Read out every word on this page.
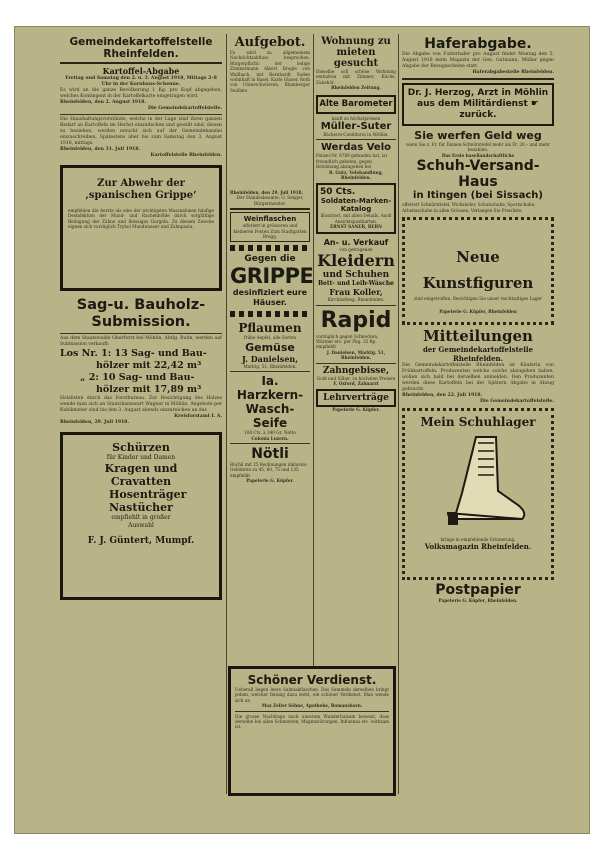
Gemeindekartoffelstelle Rheinfelden.
Kartoffel-Abgabe
Freitag und Samstag den 2. u. 3. August 1918, Mittags 2–8 Uhr in der Kornhaus-Scheune.
Es wird an die ganze Bevölkerung 1 Kg. pro Kopf abgegeben, welches Kontingent in der Kartoffelkarte eingetragen wird.
Rheinfelden, den 2. August 1918.
Die Gemeindekartoffelstelle.
Die Haushaltungsvorstände, welche in der Lage sind ihren ganzen Bedarf an Kartoffeln im Herbst einzudecken und gewillt sind, diesen zu beziehen, werden ersucht sich auf der Gemeindekanzlei einzuschreiben. Spätestens aber bis zum Samstag den 3. August 1918, mittags.
Rheinfelden, den 31. Juli 1918.
Kartoffelstelle Rheinfelden.
Zur Abwehr der ‚spanischen Grippe‘
empfehlen die Aerzte als eine der wichtigsten Massnahmen häufige Desinfektion der Mund- und Rachenhöhle durch sorgfältige Reinigung der Zähne und fleissiges Gurgeln. Zu diesem Zwecke eignen sich vorzüglich Trybol Mundwasser und Zahnpasta.
Sag-u. Bauholz-Submission.
Aus dem Staatswalde Oberforst bei Möhlin, Abtlg. Bulm, werden auf Submission verkauft:
Los Nr. 1: 13 Sag- und Bau-
hölzer mit 22,42 m³
„ 2: 10 Sag- und Bau-
hölzer mit 17,89 m³
Holzlisten durch das Forstbureau. Zur Besichtigung des Holzes wende man sich an Staatsbannwart Wagner in Möhlin. Angebote per Kubikmeter sind bis den 3. August abends einzureichen an das
Kreisforstamt I. A.
Rheinfelden, 29. Juli 1918.
Schürzen
für Kinder und Damen
Kragen und
Cravatten
Hosenträger
Nastücher
empfiehlt in großer
Auswahl
F. J. Güntert, Mumpf.
Aufgebot.
Es wird zu allgemeinem Nachrichtsabfluss besprochen. Bürgerpflicht: der ledige Zimmermann Albert Brogle von Wallbach, mit Bernhardt Soden wohnhaft in Basel. Karle Glaser, Roth von Unterschwärzen, Blumberger Seidlers.
Rheinfelden, den 29. Juli 1918.
Der Standesbeamte: G. Senger, Bürgermeister.
Weinflaschen
offeriert in grösseren und kleineren Posten Zum Stadtgarten Brugg.
Gegen die
GRIPPE
desinfiziert eure Häuser.
Pflaumen
frühe Aepfel, alle Sorten
Gemüse
J. Danielsen,
Marktg. 51, Rheinfelden.
Ia. Harzkern-Wasch-Seife
100 Cts. à 340 Gr. Netto
Colonia Luzern.
Nötli
Büchli mit 25 Rechnungen inklusive Gebühren zu 45, 60, 75 und 135 empfiehlt
Papeterie G. Küpfer.
Wohnung zu mieten gesucht
Dieselbe soll schöne Wohnung enthalten mit Zimmer, Küche, Zubehör.
Rheinfelden Zeitung.
Alte Barometer
kauft zu höchstpreisen
Müller-Suter
Bäckerei-Conditorei in Möhlin.
Werdas Velo
Polizei-Nr. 8789 gefunden hat, ist freundlich gebeten, gegen Belohnung abzugeben bei
R. Gutz, Velohandlung, Rheinfelden.
50 Cts.
Soldaten-Marken-Katalog
illustriert, mit allen Details. Auch Ansichtspostkarten.
ERNST SANER, BERN
An- u. Verkauf
von getragenen
Kleidern
und Schuhen
Bett- und Leib-Wäsche
Frau Koller,
Kirchhofweg, Rheinfelden.
Rapid
vorzüglich gegen Schnecken, Würmer etc. per Pkg. 35 Rp. empfiehlt
J. Danielsen, Marktg. 51, Rheinfelden.
Zahngebisse,
Gold und Silber, zu höchsten Preisen
F. Oxford, Zahnarzt
Lehrverträge
Papeterie G. Küpfer.
Haferabgabe.
Die Abgabe von Futterhafer pro August findet Montag den 5. August 1918 beim Magazin der Gen. Gutmann, Müller gegen Abgabe der Bezugsscheine statt.
Haferabgabestelle Rheinfelden.
Dr. J. Herzog, Arzt in Möhlin
aus dem Militärdienst ☛ zurück.
Sie werfen Geld weg
wenn Sie z. Fr. für Damen-Schnürstiefel mehr als Fr. 28.– und mehr bezahlen.
Das Erste basellandschaftliche
Schuh-Versand-Haus
in Itingen (bei Sissach)
offeriert Schnürstiefel, Wichsleder, Schulschuhe, Sportschuhe, Arbeitsschuhe in allen Grössen. Verlangen Sie Preisliste.
Neue Kunstfiguren
sind eingetroffen. Besichtigen Sie unser reichhaltiges Lager
Papeterie G. Küpfer, Rheinfelden
Mitteilungen
der Gemeindekartoffelstelle Rheinfelden.
Die Gemeindekartoffelstelle Rheinfelden ist Käuferin von Frühkartoffeln. Produzenten welche solche abzugeben haben, wollen sich bald bei derselben anmelden. Den Produzenten werden diese Kartoffeln bei der Spätern Abgabe in Abzug gebracht.
Rheinfelden, den 22. Juli 1918.
Die Gemeindekartoffelstelle.
Mein Schuhlager
bringe in empfehlende Erinnerung.
Volksmagazin Rheinfelden.
Postpapier
Papeterie G. Küpfer, Rheinfelden.
Schöner Verdienst.
Ueberall liegen leere Salmiakflaschen. Das Sammeln derselben bringt jedem, welcher fleissig dazu steht, ein schöner Verdienst. Man wende sich an
Max Zeller Söhne, Apotheke, Romanshorn.
Die grosse Nachfrage nach unserem Wunderbalsam beweist, dass derselbe bei allen Schmerzen, Magenstörungen, Influenza etc. wirksam ist.
